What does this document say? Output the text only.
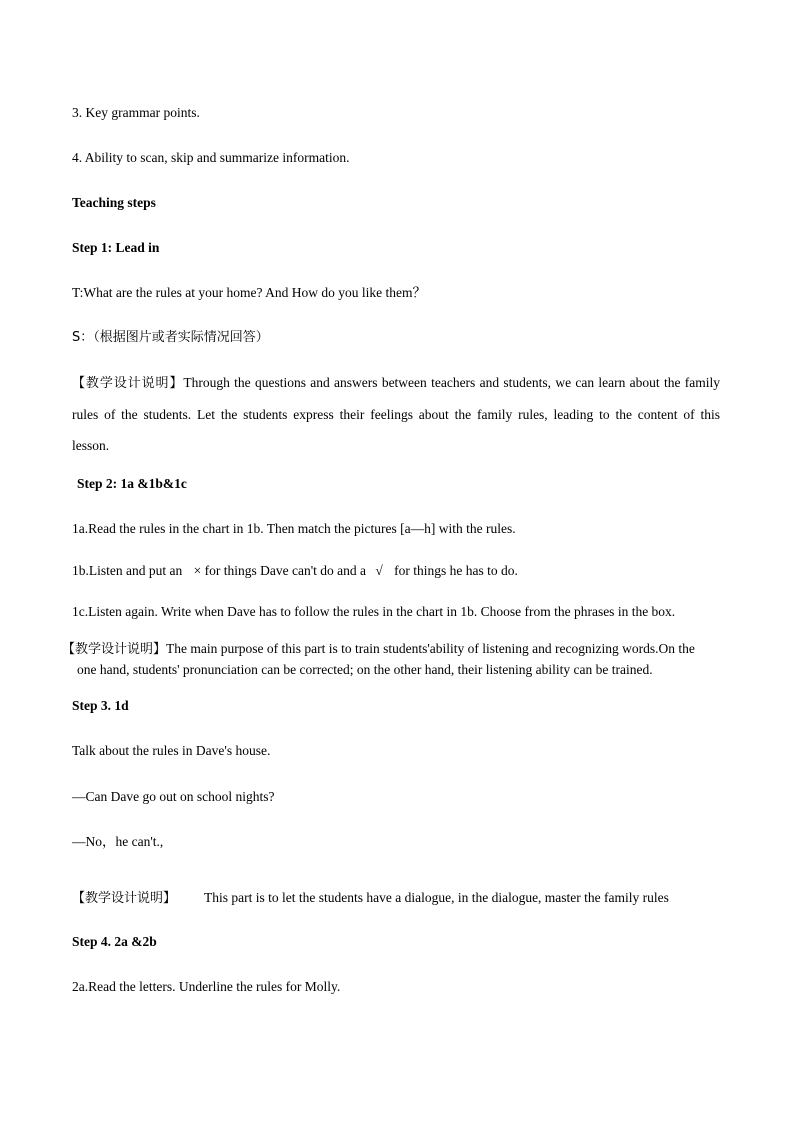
3. Key grammar points.
4. Ability to scan, skip and summarize information.
Teaching steps
Step 1: Lead in
T:What are the rules at your home? And How do you like them？
S：（根据图片或者实际情况回答）
【教学设计说明】Through the questions and answers between teachers and students, we can learn about the family
rules of the students. Let the students express their feelings about the family rules, leading to the content of this
lesson.
Step 2: 1a &1b&1c
1a.Read the rules in the chart in 1b. Then match the pictures [a—h] with the rules.
1b.Listen and put an × for things Dave can't do and a √ for things he has to do.
1c.Listen again. Write when Dave has to follow the rules in the chart in 1b. Choose from the phrases in the box.
【教学设计说明】The main purpose of this part is to train students'ability of listening and recognizing words.On the
one hand, students' pronunciation can be corrected; on the other hand, their listening ability can be trained.
Step 3. 1d
Talk about the rules in Dave's house.
—Can Dave go out on school nights?
—No，he can't.,
【教学设计说明】 This part is to let the students have a dialogue, in the dialogue, master the family rules
Step 4. 2a &2b
2a.Read the letters. Underline the rules for Molly.
